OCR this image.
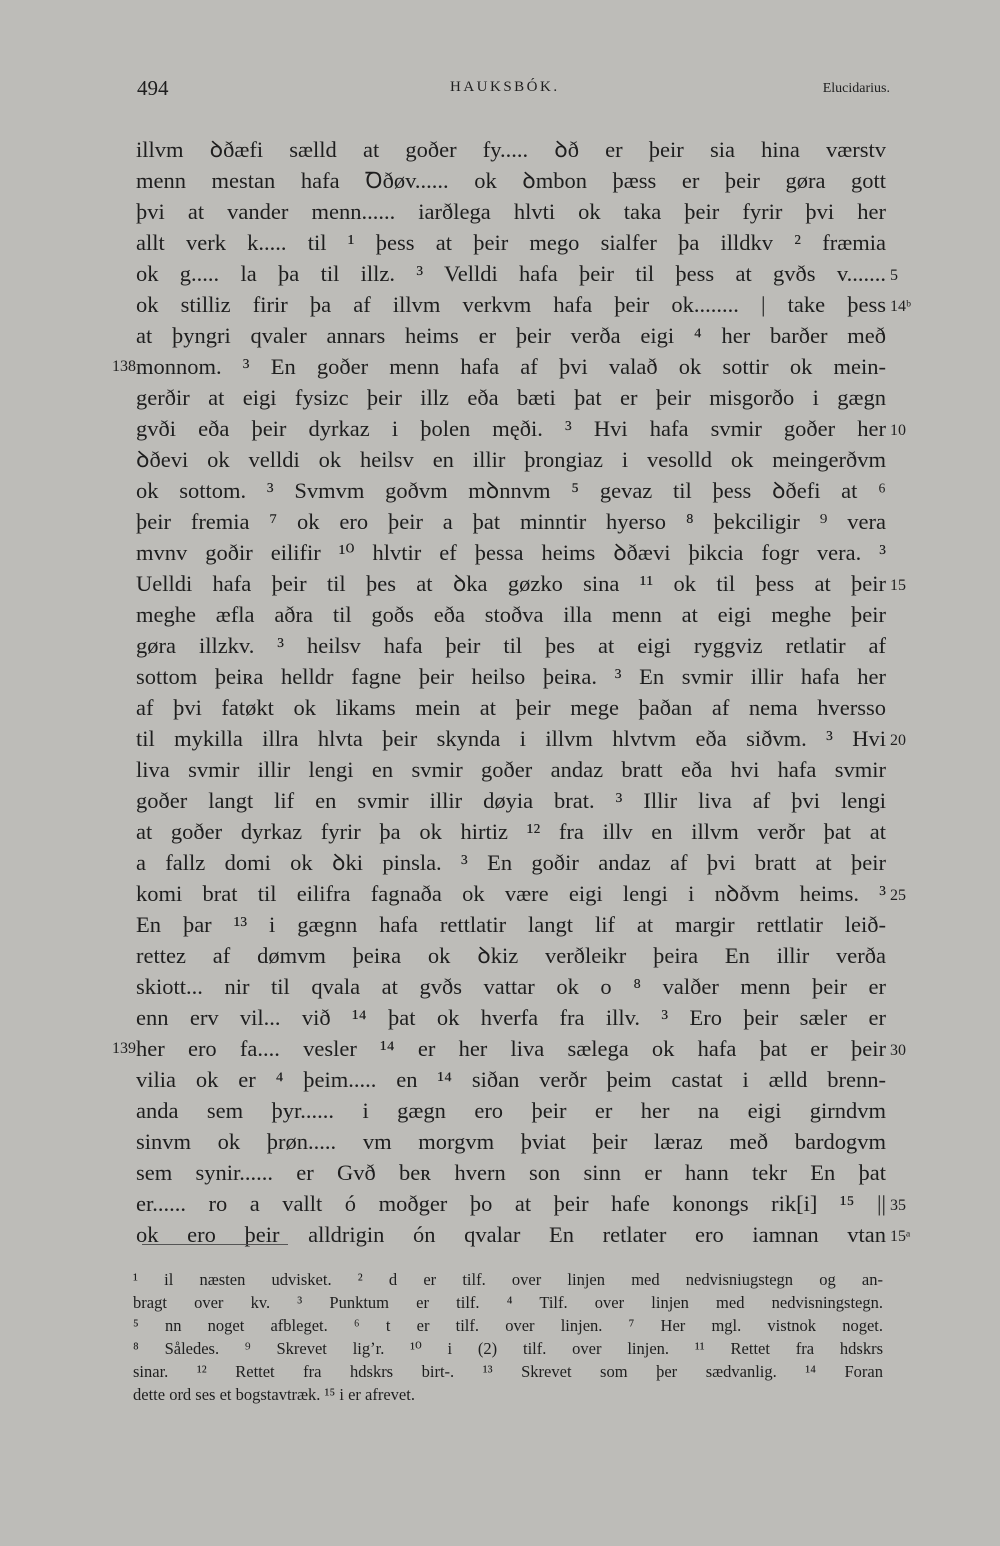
494	HAUKSBÓK.	Elucidarius.
illvm ꝺðæfi sælld at goðer fy..... ꝺð er þeir sia hina værstv
menn mestan hafa Ꝺðøv...... ok ꝺmbon þæss er þeir gøra gott
þvi at vander menn...... iarðlega hlvti ok taka þeir fyrir þvi her
allt verk k..... til ¹ þess at þeir mego sialfer þa illdkv ² fræmia
ok g..... la þa til illz. ³ Velldi hafa þeir til þess at gvðs v....... 5
ok stilliz firir þa af illvm verkvm hafa þeir ok........ | take þess 14ᵇ
at þyngri qvaler annars heims er þeir verða eigi ⁴ her barðer með
monnom. ³ En goðer menn hafa af þvi valað ok sottir ok mein-
138
gerðir at eigi fysizc þeir illz eða bæti þat er þeir misgorðo i gægn
gvði eða þeir dyrkaz i þolen męði. ³ Hvi hafa svmir goðer her 10
ꝺðevi ok velldi ok heilsv en illir þrongiaz i vesolld ok meingerðvm
ok sottom. ³ Svmvm goðvm mꝺnnvm ⁵ gevaz til þess ꝺðefi at ⁶
þeir fremia ⁷ ok ero þeir a þat minntir hyerso ⁸ þekciligir ⁹ vera
mvnv goðir eilifir ¹⁰ hlvtir ef þessa heims ꝺðævi þikcia fogr vera. ³
Uelldi hafa þeir til þes at ꝺka gøzko sina ¹¹ ok til þess at þeir 15
meghe æfla aðra til goðs eða stoðva illa menn at eigi meghe þeir
gøra illzkv. ³ heilsv hafa þeir til þes at eigi ryggviz retlatir af
sottom þeiʀa helldr fagne þeir heilso þeiʀa. ³ En svmir illir hafa her
af þvi fatøkt ok likams mein at þeir mege þaðan af nema hversso
til mykilla illra hlvta þeir skynda i illvm hlvtvm eða siðvm. ³ Hvi 20
liva svmir illir lengi en svmir goðer andaz bratt eða hvi hafa svmir
goðer langt lif en svmir illir døyia brat. ³ Illir liva af þvi lengi
at goðer dyrkaz fyrir þa ok hirtiz ¹² fra illv en illvm verðr þat at
a fallz domi ok ꝺki pinsla. ³ En goðir andaz af þvi bratt at þeir
komi brat til eilifra fagnaða ok være eigi lengi i nꝺðvm heims. ³ 25
En þar ¹³ i gægnn hafa rettlatir langt lif at margir rettlatir leið-
rettez af dømvm þeiʀa ok ꝺkiz verðleikr þeira En illir verða
skiott... nir til qvala at gvðs vattar ok o ⁸ valðer menn þeir er
enn erv vil... við ¹⁴ þat ok hverfa fra illv. ³ Ero þeir sæler er
her ero fa.... vesler ¹⁴ er her liva sælega ok hafa þat er þeir
139	30
vilia ok er ⁴ þeim..... en ¹⁴ siðan verðr þeim castat i ælld brenn-
anda sem þyr...... i gægn ero þeir er her na eigi girndvm
sinvm ok þrøn..... vm morgvm þviat þeir læraz með bardogvm
sem synir...... er Gvð beʀ hvern son sinn er hann tekr En þat
er...... ro a vallt ó moðger þo at þeir hafe konongs rik[i] ¹⁵ || 35
ok ero þeir alldrigin ón qvalar En retlater ero iamnan vtan 15ᵃ
¹ il næsten udvisket. ² d er tilf. over linjen med nedvisniugstegn og an-
bragt over kv. ³ Punktum er tilf. ⁴ Tilf. over linjen med nedvisningstegn.
⁵ nn noget afbleget. ⁶ t er tilf. over linjen. ⁷ Her mgl. vistnok noget.
⁸ Således. ⁹ Skrevet ligʼr. ¹⁰ i (2) tilf. over linjen. ¹¹ Rettet fra hdskrs
sinar. ¹² Rettet fra hdskrs birt-. ¹³ Skrevet som þer sædvanlig. ¹⁴ Foran
dette ord ses et bogstavtræk. ¹⁵ i er afrevet.
